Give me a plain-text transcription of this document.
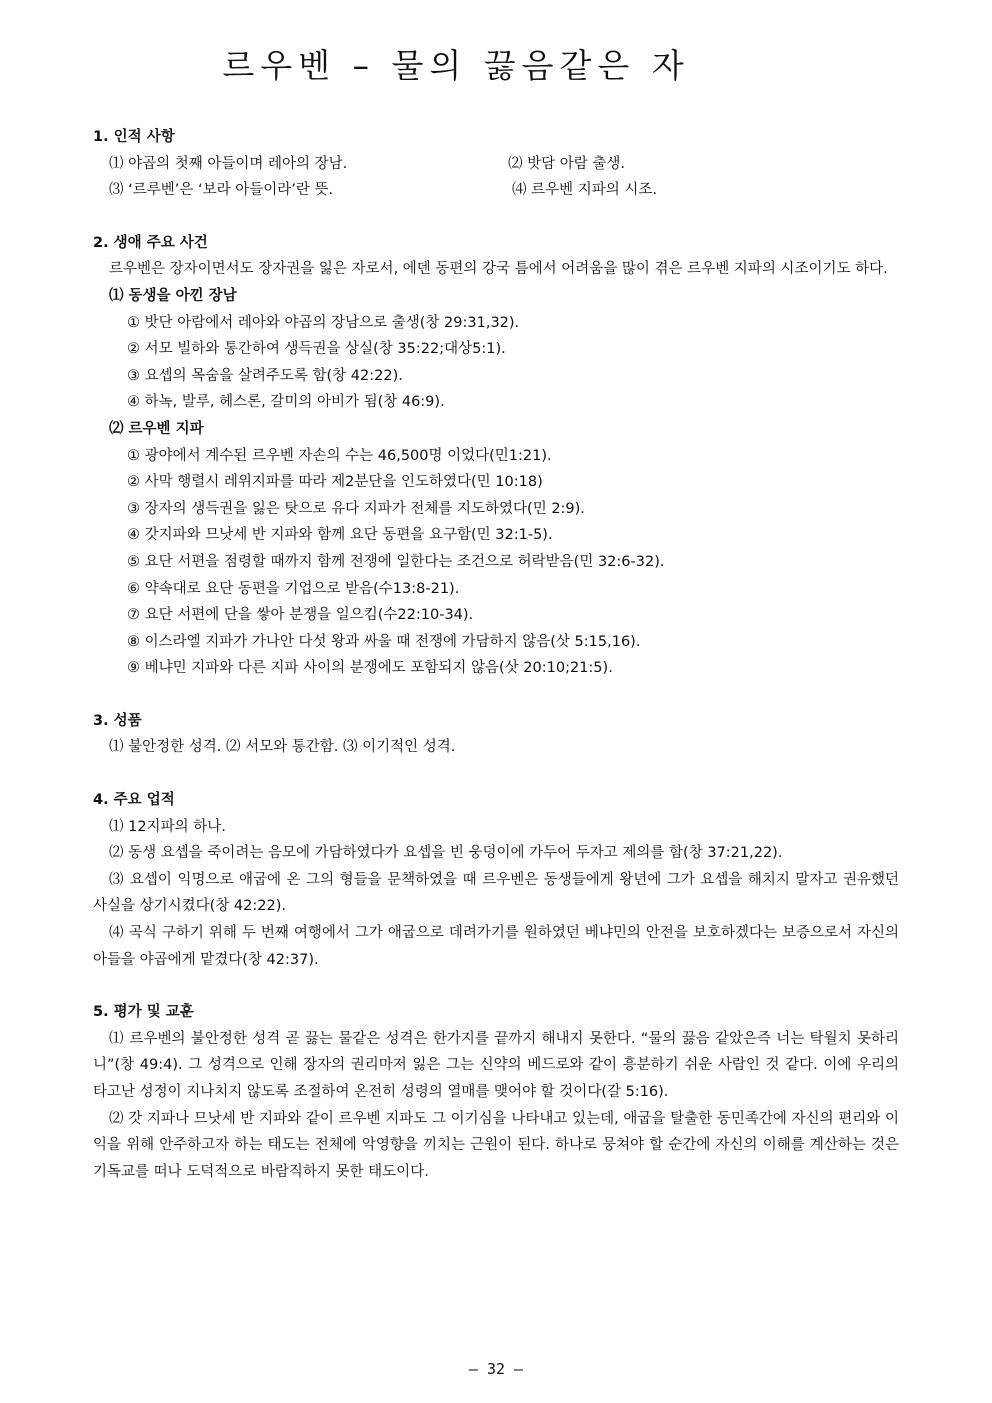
르우벤 – 물의 끓음같은 자

1. 인적 사항

⑴ 야곱의 첫째 아들이며 레아의 장남.	⑵ 밧담 아람 출생.
⑶ ‘르루벤’은 ‘보라 아들이라’란 뜻.	⑷ 르우벤 지파의 시조.

2. 생애 주요 사건

르우벤은 장자이면서도 장자권을 잃은 자로서, 에덴 동편의 강국 틈에서 어려움을 많이 겪은 르우벤 지파의 시조이기도 하다.

⑴ 동생을 아낀 장남

① 밧단 아람에서 레아와 야곱의 장남으로 출생(창 29:31,32).

② 서모 빌하와 통간하여 생득권을 상실(창 35:22;대상5:1).

③ 요셉의 목숨을 살려주도록 함(창 42:22).

④ 하녹, 발루, 헤스론, 갈미의 아비가 됨(창 46:9).

⑵ 르우벤 지파

① 광야에서 계수된 르우벤 자손의 수는 46,500명 이었다(민1:21).

② 사막 행렬시 레위지파를 따라 제2분단을 인도하였다(민 10:18)

③ 장자의 생득권을 잃은 탓으로 유다 지파가 전체를 지도하였다(민 2:9).

④ 갓지파와 므낫세 반 지파와 함께 요단 동편을 요구함(민 32:1-5).

⑤ 요단 서편을 점령할 때까지 함께 전쟁에 일한다는 조건으로 허락받음(민 32:6-32).

⑥ 약속대로 요단 동편을 기업으로 받음(수13:8-21).

⑦ 요단 서편에 단을 쌓아 분쟁을 일으킴(수22:10-34).

⑧ 이스라엘 지파가 가나안 다섯 왕과 싸울 때 전쟁에 가담하지 않음(삿 5:15,16).

⑨ 베냐민 지파와 다른 지파 사이의 분쟁에도 포함되지 않음(삿 20:10;21:5).

3. 성품

⑴ 불안정한 성격. ⑵ 서모와 통간함. ⑶ 이기적인 성격.

4. 주요 업적

⑴ 12지파의 하나.

⑵ 동생 요셉을 죽이려는 음모에 가담하였다가 요셉을 빈 웅덩이에 가두어 두자고 제의를 함(창 37:21,22).

⑶ 요셉이 익명으로 애굽에 온 그의 형들을 문책하였을 때 르우벤은 동생들에게 왕년에 그가 요셉을 해치지 말자고 권유했던 사실을 상기시켰다(창 42:22).

⑷ 곡식 구하기 위해 두 번째 여행에서 그가 애굽으로 데려가기를 원하였던 베냐민의 안전을 보호하겠다는 보증으로서 자신의 아들을 야곱에게 맡겼다(창 42:37).

5. 평가 및 교훈

⑴ 르우벤의 불안정한 성격 곧 끓는 물같은 성격은 한가지를 끝까지 해내지 못한다. “물의 끓음 같았은즉 너는 탁월치 못하리니”(창 49:4). 그 성격으로 인해 장자의 권리마저 잃은 그는 신약의 베드로와 같이 흥분하기 쉬운 사람인 것 같다. 이에 우리의 타고난 성정이 지나치지 않도록 조절하여 온전히 성령의 열매를 맺어야 할 것이다(갈 5:16).

⑵ 갓 지파나 므낫세 반 지파와 같이 르우벤 지파도 그 이기심을 나타내고 있는데, 애굽을 탈출한 동민족간에 자신의 편리와 이익을 위해 안주하고자 하는 태도는 전체에 악영향을 끼치는 근원이 된다. 하나로 뭉쳐야 할 순간에 자신의 이해를 계산하는 것은 기독교를 떠나 도덕적으로 바람직하지 못한 태도이다.

– 32 –
